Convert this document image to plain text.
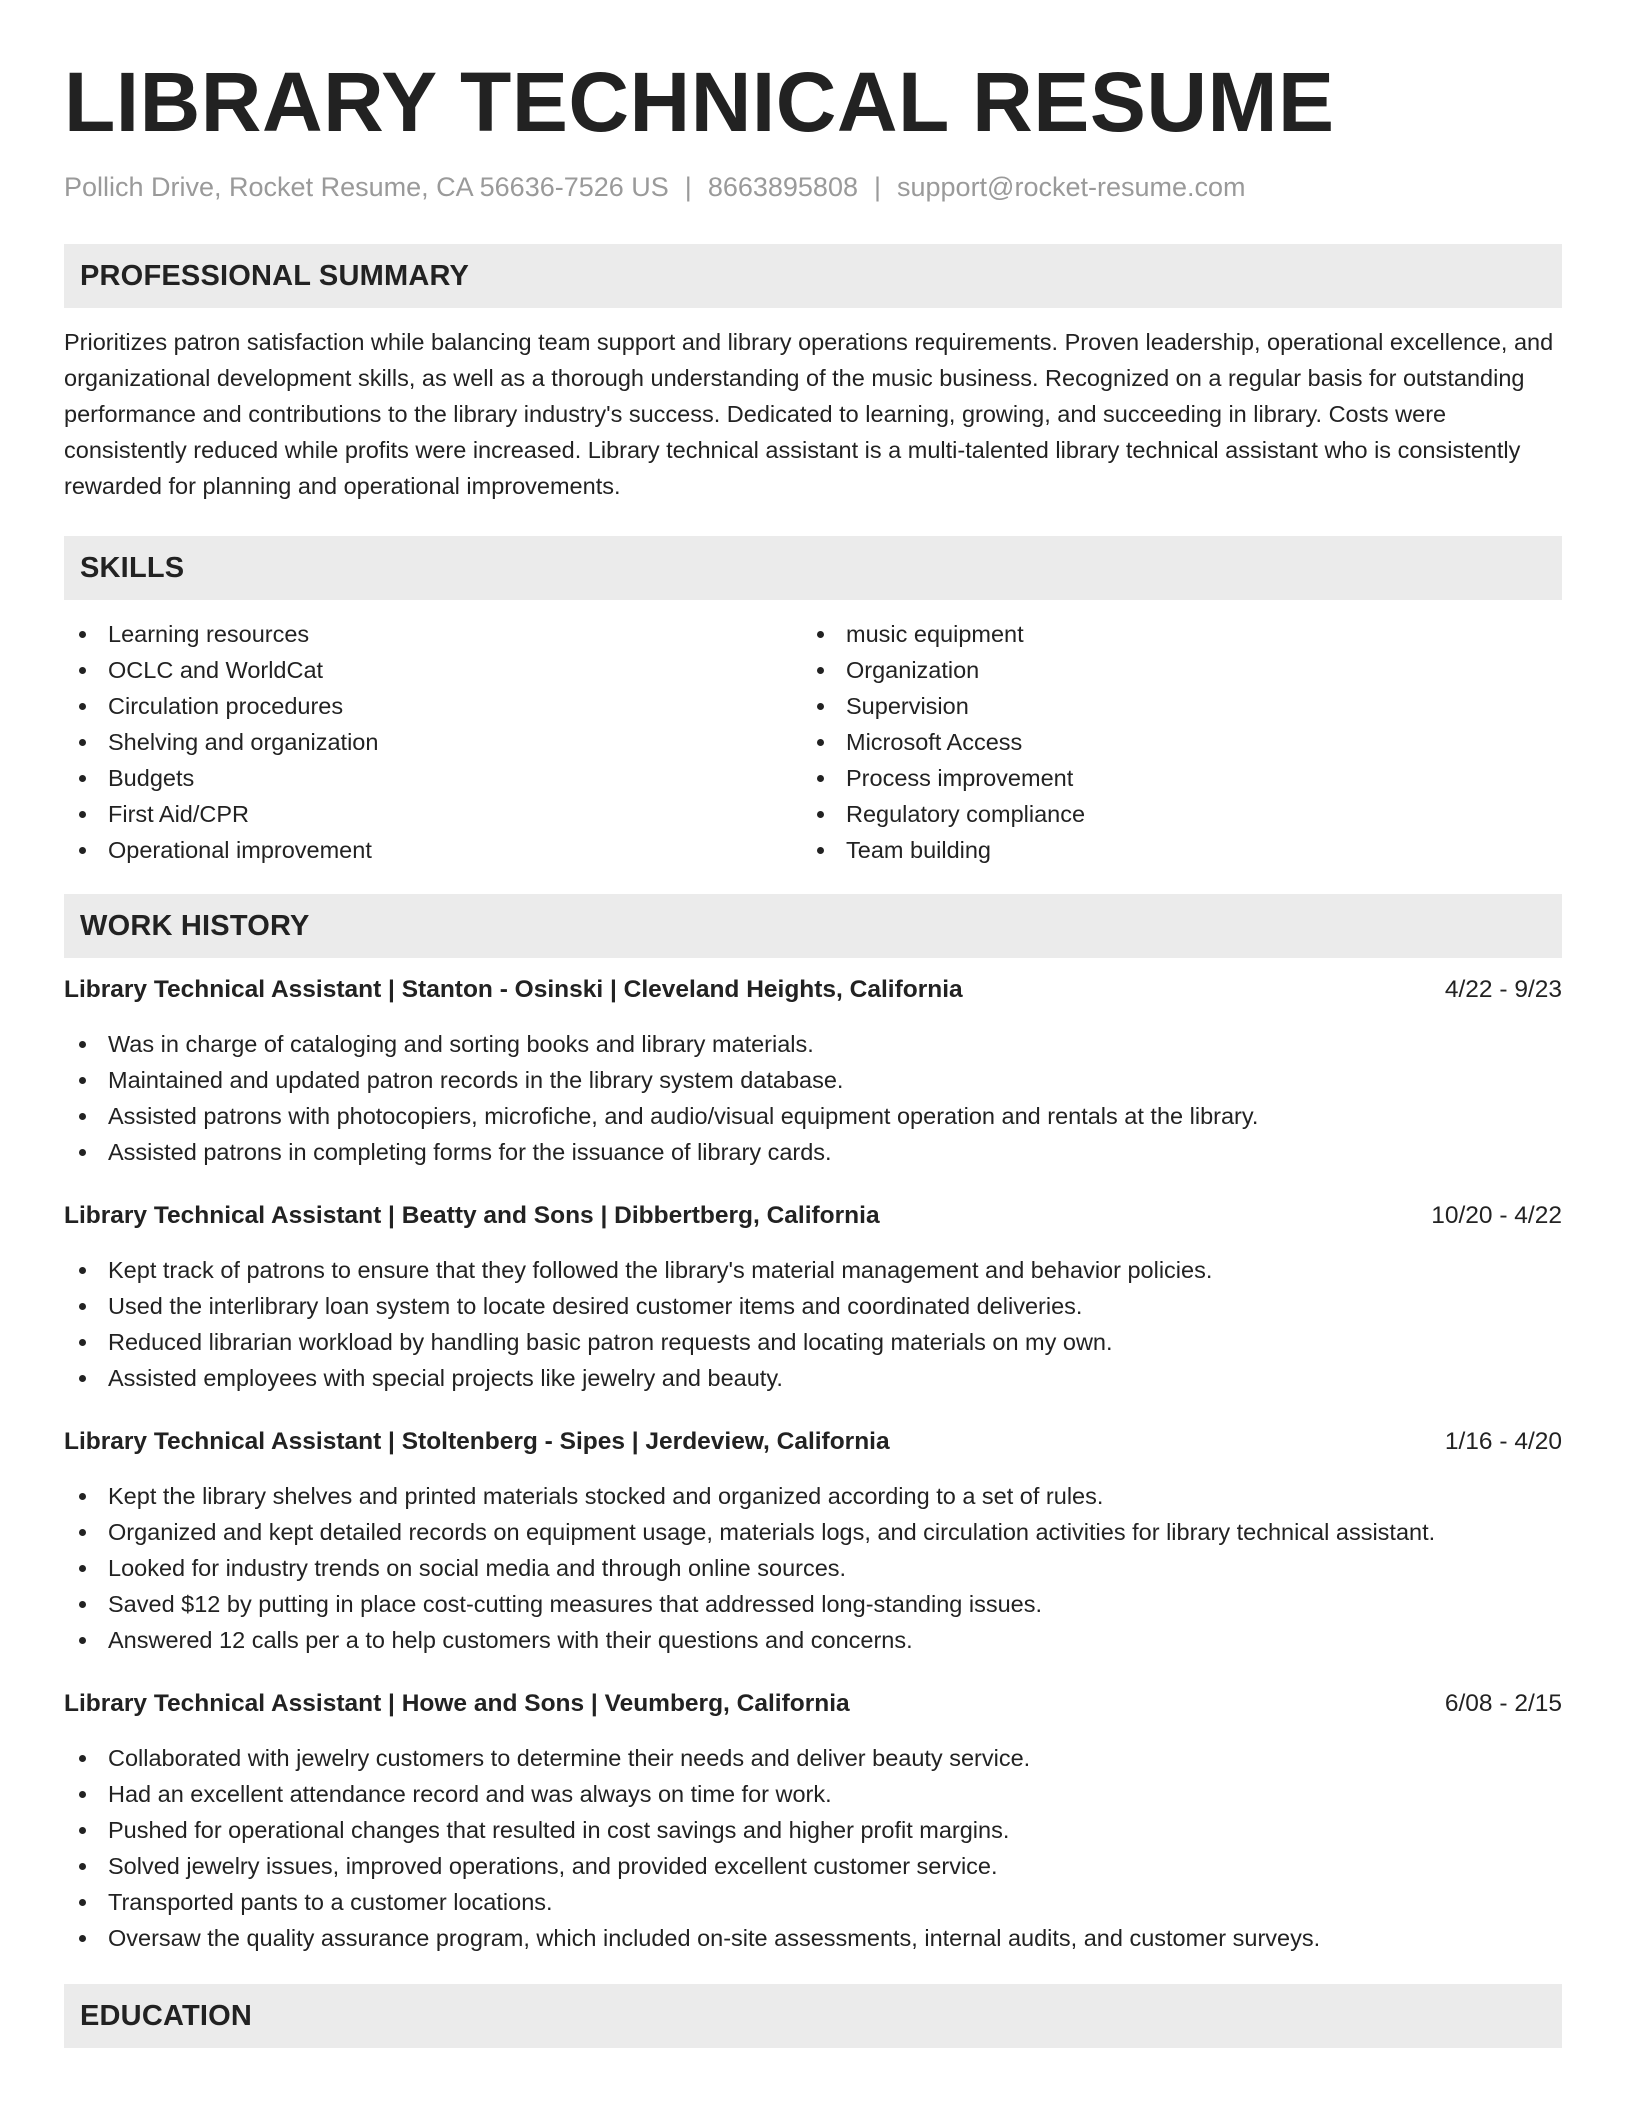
LIBRARY TECHNICAL RESUME
Pollich Drive, Rocket Resume, CA 56636-7526 US | 8663895808 | support@rocket-resume.com
PROFESSIONAL SUMMARY

Prioritizes patron satisfaction while balancing team support and library operations requirements. Proven leadership, operational excellence, and organizational development skills, as well as a thorough understanding of the music business. Recognized on a regular basis for outstanding performance and contributions to the library industry's success. Dedicated to learning, growing, and succeeding in library. Costs were consistently reduced while profits were increased. Library technical assistant is a multi-talented library technical assistant who is consistently rewarded for planning and operational improvements.

SKILLS
Learning resources
OCLC and WorldCat
Circulation procedures
Shelving and organization
Budgets
First Aid/CPR
Operational improvement
music equipment
Organization
Supervision
Microsoft Access
Process improvement
Regulatory compliance
Team building
WORK HISTORY
Library Technical Assistant | Stanton - Osinski | Cleveland Heights, California	4/22 - 9/23
Was in charge of cataloging and sorting books and library materials.
Maintained and updated patron records in the library system database.
Assisted patrons with photocopiers, microfiche, and audio/visual equipment operation and rentals at the library.
Assisted patrons in completing forms for the issuance of library cards.
Library Technical Assistant | Beatty and Sons | Dibbertberg, California	10/20 - 4/22
Kept track of patrons to ensure that they followed the library's material management and behavior policies.
Used the interlibrary loan system to locate desired customer items and coordinated deliveries.
Reduced librarian workload by handling basic patron requests and locating materials on my own.
Assisted employees with special projects like jewelry and beauty.
Library Technical Assistant | Stoltenberg - Sipes | Jerdeview, California	1/16 - 4/20
Kept the library shelves and printed materials stocked and organized according to a set of rules.
Organized and kept detailed records on equipment usage, materials logs, and circulation activities for library technical assistant.
Looked for industry trends on social media and through online sources.
Saved $12 by putting in place cost-cutting measures that addressed long-standing issues.
Answered 12 calls per a to help customers with their questions and concerns.
Library Technical Assistant | Howe and Sons | Veumberg, California	6/08 - 2/15
Collaborated with jewelry customers to determine their needs and deliver beauty service.
Had an excellent attendance record and was always on time for work.
Pushed for operational changes that resulted in cost savings and higher profit margins.
Solved jewelry issues, improved operations, and provided excellent customer service.
Transported pants to a customer locations.
Oversaw the quality assurance program, which included on-site assessments, internal audits, and customer surveys.
EDUCATION
